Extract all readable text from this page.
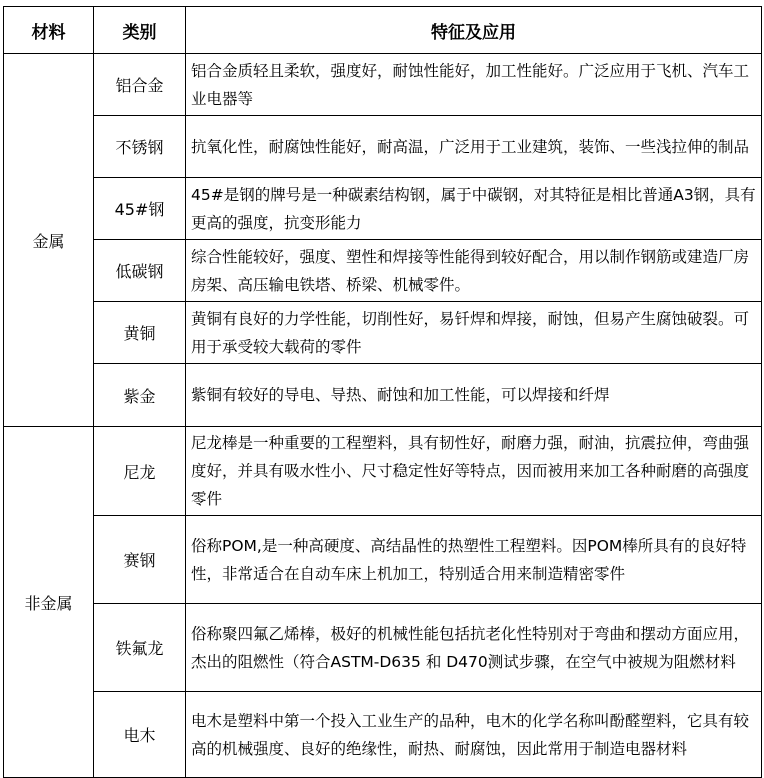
材料	类别	特征及应用
金属	铝合金	铝合金质轻且柔软，强度好，耐蚀性能好，加工性能好。广泛应用于飞机、汽车工业电器等
	不锈钢	抗氧化性，耐腐蚀性能好，耐高温，广泛用于工业建筑，装饰、一些浅拉伸的制品
	45#钢	45#是钢的牌号是一种碳素结构钢，属于中碳钢，对其特征是相比普通A3钢，具有更高的强度，抗变形能力
	低碳钢	综合性能较好，强度、塑性和焊接等性能得到较好配合，用以制作钢筋或建造厂房房架、高压输电铁塔、桥梁、机械零件。
	黄铜	黄铜有良好的力学性能，切削性好，易钎焊和焊接，耐蚀，但易产生腐蚀破裂。可用于承受较大载荷的零件
	紫金	紫铜有较好的导电、导热、耐蚀和加工性能，可以焊接和纤焊
非金属	尼龙	尼龙棒是一种重要的工程塑料，具有韧性好，耐磨力强，耐油，抗震拉伸，弯曲强度好，并具有吸水性小、尺寸稳定性好等特点，因而被用来加工各种耐磨的高强度零件
	赛钢	俗称POM,是一种高硬度、高结晶性的热塑性工程塑料。因POM棒所具有的良好特性，非常适合在自动车床上机加工，特别适合用来制造精密零件
	铁氟龙	俗称聚四氟乙烯棒，极好的机械性能包括抗老化性特别对于弯曲和摆动方面应用，杰出的阻燃性（符合ASTM-D635 和 D470测试步骤，在空气中被规为阻燃材料
	电木	电木是塑料中第一个投入工业生产的品种，电木的化学名称叫酚醛塑料，它具有较高的机械强度、良好的绝缘性，耐热、耐腐蚀，因此常用于制造电器材料
